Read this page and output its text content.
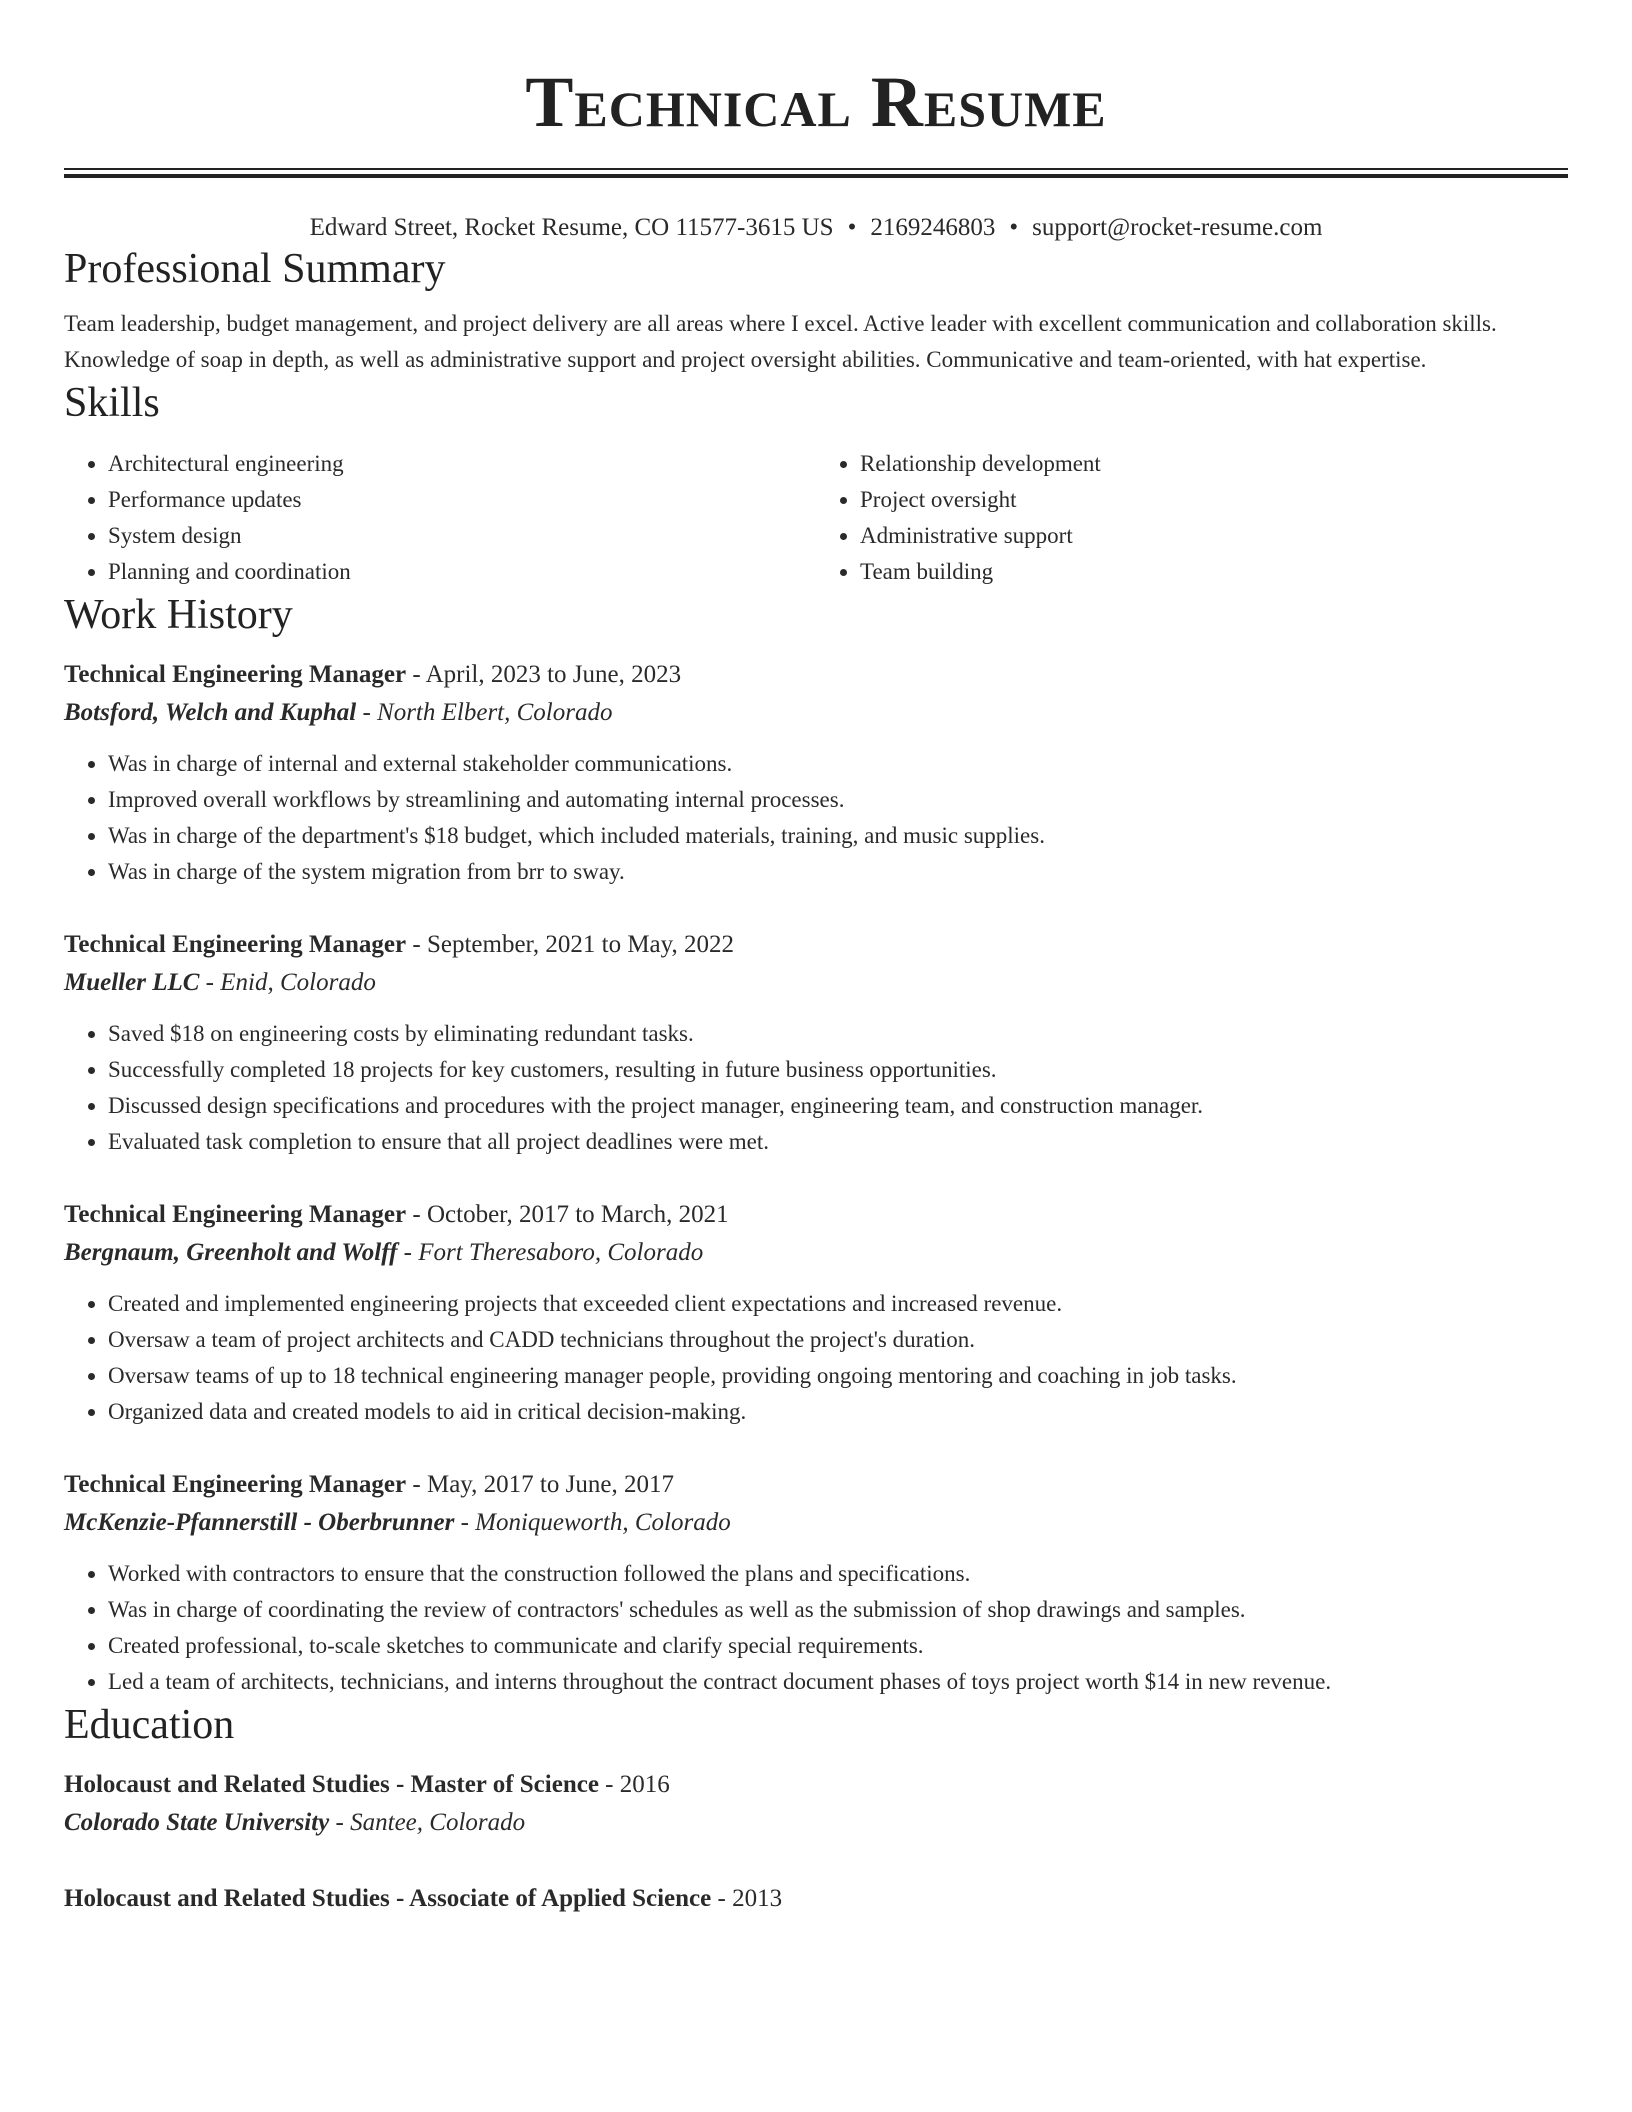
Technical Resume
Edward Street, Rocket Resume, CO 11577-3615 US • 2169246803 • support@rocket-resume.com
Professional Summary

Team leadership, budget management, and project delivery are all areas where I excel. Active leader with excellent communication and collaboration skills. Knowledge of soap in depth, as well as administrative support and project oversight abilities. Communicative and team-oriented, with hat expertise.

Skills
• Architectural engineering
• Performance updates
• System design
• Planning and coordination
• Relationship development
• Project oversight
• Administrative support
• Team building
Work History
Technical Engineering Manager - April, 2023 to June, 2023
Botsford, Welch and Kuphal - North Elbert, Colorado
• Was in charge of internal and external stakeholder communications.
• Improved overall workflows by streamlining and automating internal processes.
• Was in charge of the department's $18 budget, which included materials, training, and music supplies.
• Was in charge of the system migration from brr to sway.
Technical Engineering Manager - September, 2021 to May, 2022
Mueller LLC - Enid, Colorado
• Saved $18 on engineering costs by eliminating redundant tasks.
• Successfully completed 18 projects for key customers, resulting in future business opportunities.
• Discussed design specifications and procedures with the project manager, engineering team, and construction manager.
• Evaluated task completion to ensure that all project deadlines were met.
Technical Engineering Manager - October, 2017 to March, 2021
Bergnaum, Greenholt and Wolff - Fort Theresaboro, Colorado
• Created and implemented engineering projects that exceeded client expectations and increased revenue.
• Oversaw a team of project architects and CADD technicians throughout the project's duration.
• Oversaw teams of up to 18 technical engineering manager people, providing ongoing mentoring and coaching in job tasks.
• Organized data and created models to aid in critical decision-making.
Technical Engineering Manager - May, 2017 to June, 2017
McKenzie-Pfannerstill - Oberbrunner - Moniqueworth, Colorado
• Worked with contractors to ensure that the construction followed the plans and specifications.
• Was in charge of coordinating the review of contractors' schedules as well as the submission of shop drawings and samples.
• Created professional, to-scale sketches to communicate and clarify special requirements.
• Led a team of architects, technicians, and interns throughout the contract document phases of toys project worth $14 in new revenue.
Education
Holocaust and Related Studies - Master of Science - 2016
Colorado State University - Santee, Colorado
Holocaust and Related Studies - Associate of Applied Science - 2013
